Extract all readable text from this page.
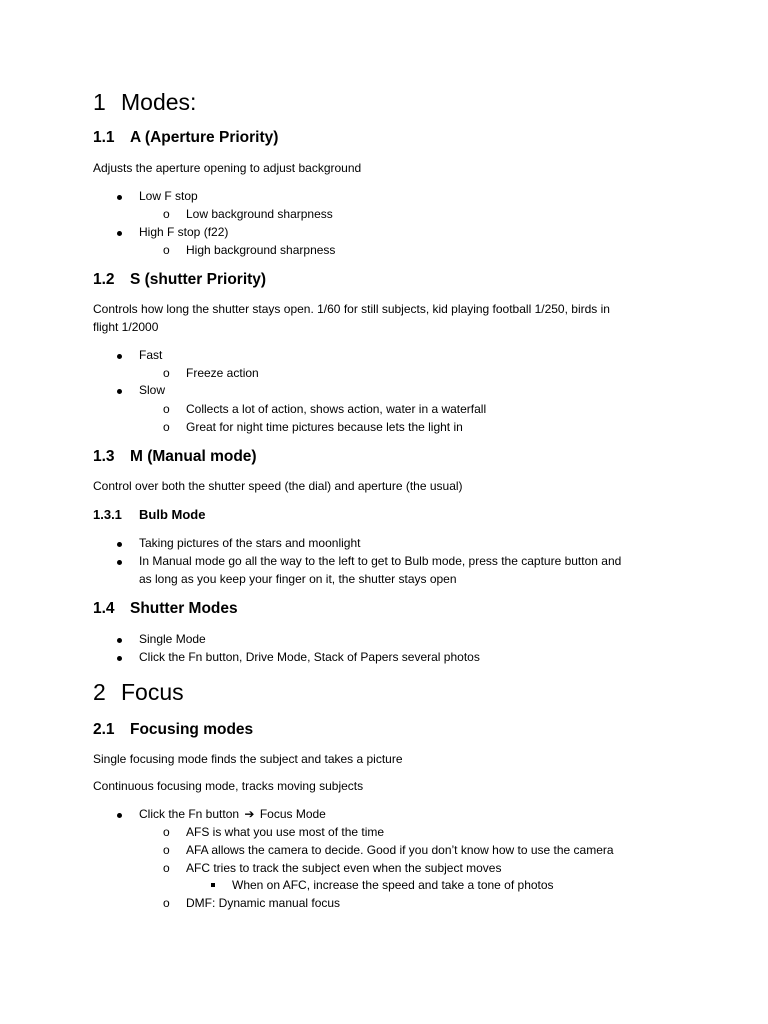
1 Modes:
1.1 A (Aperture Priority)
Adjusts the aperture opening to adjust background
Low F stop
o Low background sharpness
High F stop (f22)
o High background sharpness
1.2 S (shutter Priority)
Controls how long the shutter stays open. 1/60 for still subjects, kid playing football 1/250, birds in
flight 1/2000
Fast
o Freeze action
Slow
o Collects a lot of action, shows action, water in a waterfall
o Great for night time pictures because lets the light in
1.3 M (Manual mode)
Control over both the shutter speed (the dial) and aperture (the usual)
1.3.1 Bulb Mode
Taking pictures of the stars and moonlight
In Manual mode go all the way to the left to get to Bulb mode, press the capture button and
as long as you keep your finger on it, the shutter stays open
1.4 Shutter Modes
Single Mode
Click the Fn button, Drive Mode, Stack of Papers several photos
2 Focus
2.1 Focusing modes
Single focusing mode finds the subject and takes a picture
Continuous focusing mode, tracks moving subjects
Click the Fn button ➔ Focus Mode
o AFS is what you use most of the time
o AFA allows the camera to decide. Good if you don’t know how to use the camera
o AFC tries to track the subject even when the subject moves
When on AFC, increase the speed and take a tone of photos
o DMF: Dynamic manual focus
